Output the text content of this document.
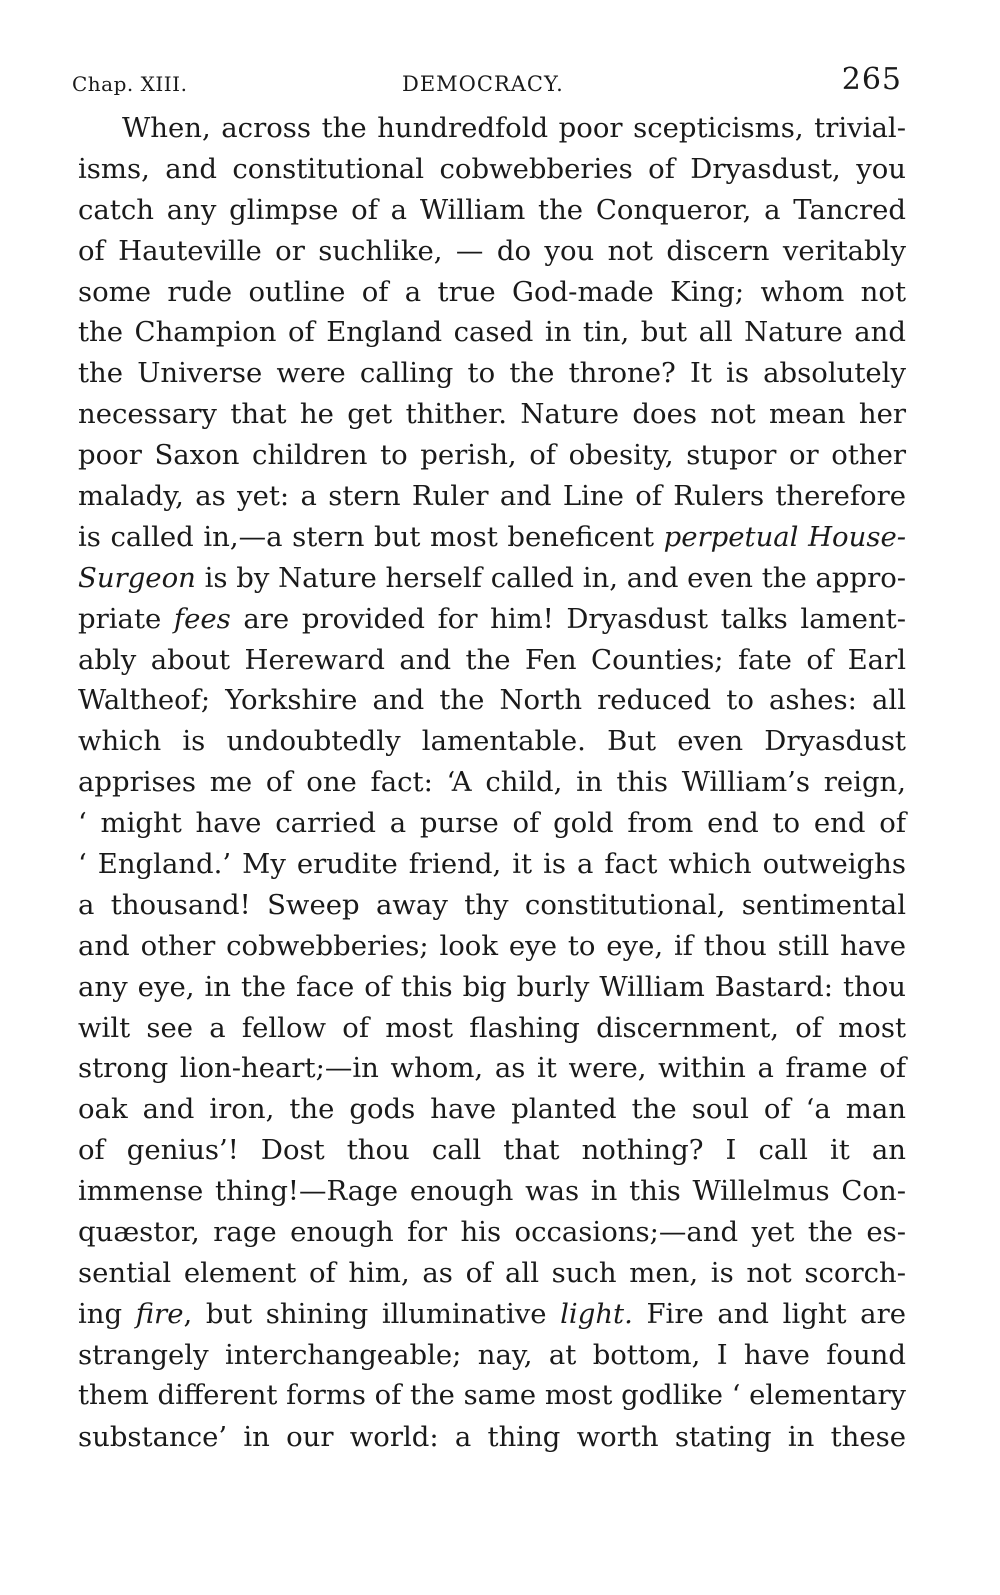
Chap. XIII.	DEMOCRACY.	265
When, across the hundredfold poor scepticisms, trivial-
isms, and constitutional cobwebberies of Dryasdust, you
catch any glimpse of a William the Conqueror, a Tancred
of Hauteville or suchlike, — do you not discern veritably
some rude outline of a true God-made King; whom not
the Champion of England cased in tin, but all Nature and
the Universe were calling to the throne? It is absolutely
necessary that he get thither. Nature does not mean her
poor Saxon children to perish, of obesity, stupor or other
malady, as yet: a stern Ruler and Line of Rulers therefore
is called in,—a stern but most beneficent perpetual House-
Surgeon is by Nature herself called in, and even the appro-
priate fees are provided for him! Dryasdust talks lament-
ably about Hereward and the Fen Counties; fate of Earl
Waltheof; Yorkshire and the North reduced to ashes: all
which is undoubtedly lamentable. But even Dryasdust
apprises me of one fact: ‘A child, in this William’s reign,
‘ might have carried a purse of gold from end to end of
‘ England.’ My erudite friend, it is a fact which outweighs
a thousand! Sweep away thy constitutional, sentimental
and other cobwebberies; look eye to eye, if thou still have
any eye, in the face of this big burly William Bastard: thou
wilt see a fellow of most flashing discernment, of most
strong lion-heart;—in whom, as it were, within a frame of
oak and iron, the gods have planted the soul of ‘a man
of genius’! Dost thou call that nothing? I call it an
immense thing!—Rage enough was in this Willelmus Con-
quæstor, rage enough for his occasions;—and yet the es-
sential element of him, as of all such men, is not scorch-
ing fire, but shining illuminative light. Fire and light are
strangely interchangeable; nay, at bottom, I have found
them different forms of the same most godlike ‘ elementary
substance’ in our world: a thing worth stating in these
